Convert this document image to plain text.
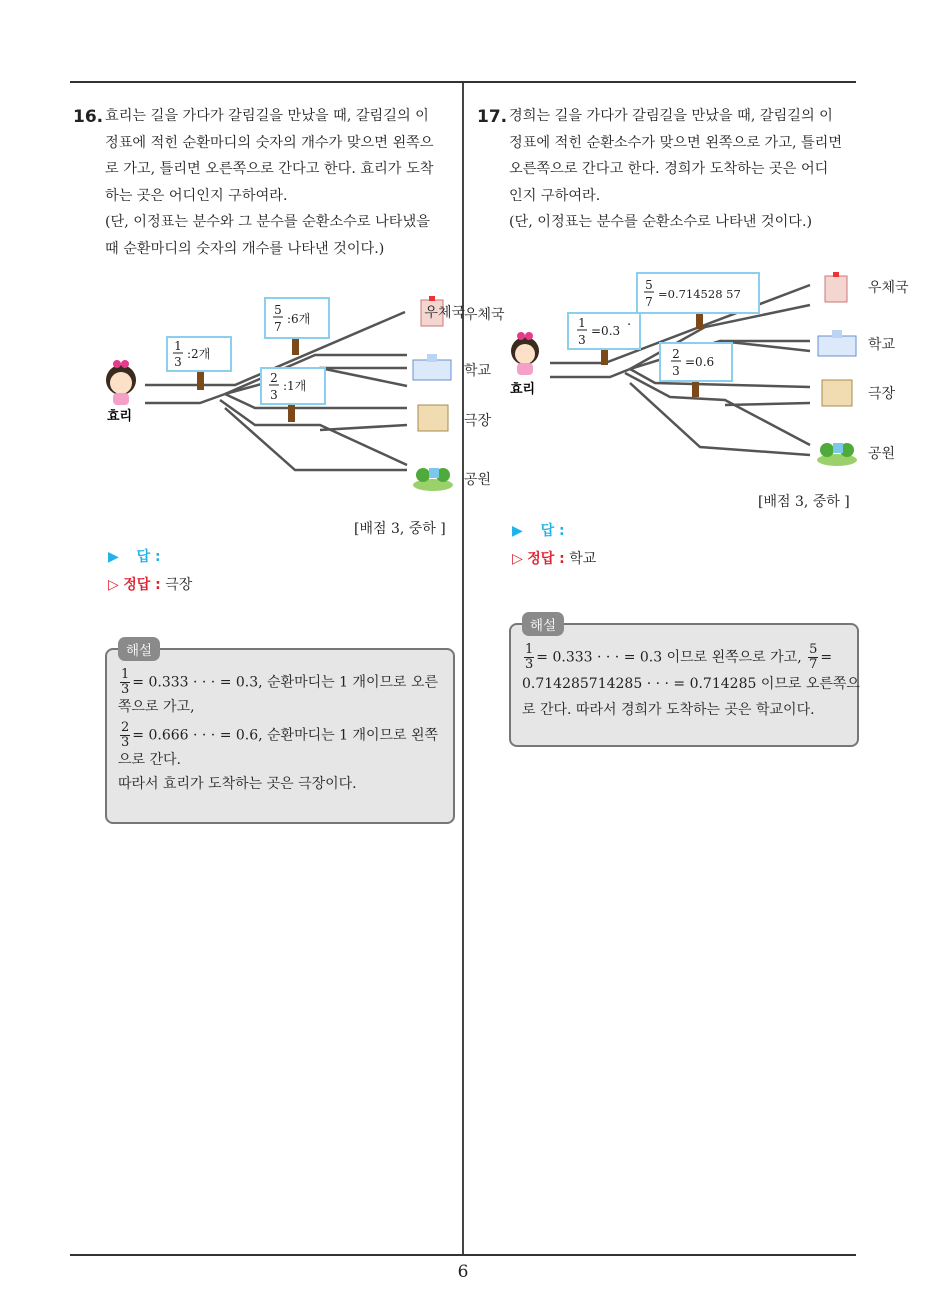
6
16. 효리는 길을 가다가 갈림길을 만났을 때, 갈림길의 이
정표에 적힌 순환마디의 숫자의 개수가 맞으면 왼쪽으
로 가고, 틀리면 오른쪽으로 간다고 한다. 효리가 도착
하는 곳은 어디인지 구하여라.
(단, 이정표는 분수와 그 분수를 순환소수로 나타냈을
때 순환마디의 숫자의 개수를 나타낸 것이다.)
1
3
:2개
5
7
:6개
2
3
:1개
효리
우체국 우체국
학교
극장
공원
[배점 3, 중하 ]
▶ 답 :
▷ 정답 : 극장
해설
$\frac{1}{3} = 0.333$ · · · = 0.3, 순환마디는 1 개이므로 오른
쪽으로 가고,
$\frac{2}{3} = 0.666$ · · · = 0.6, 순환마디는 1 개이므로 왼쪽
으로 간다.
따라서 효리가 도착하는 곳은 극장이다.
17. 경희는 길을 가다가 갈림길을 만났을 때, 갈림길의 이
정표에 적힌 순환소수가 맞으면 왼쪽으로 가고, 틀리면
오른쪽으로 간다고 한다. 경희가 도착하는 곳은 어디
인지 구하여라.
(단, 이정표는 분수를 순환소수로 나타낸 것이다.)
1
3
=0.3
.
5
7
=0.714528 57
2
3
=0.6
효리
우체국
학교
극장
공원
[배점 3, 중하 ]
▶ 답 :
▷ 정답 : 학교
해설
$\frac{1}{3} = 0.333$ · · · = 0.3 이므로 왼쪽으로 가고, $\frac{5}{7}$ =
0.714285714285 · · · = 0.714285 이므로 오른쪽으
로 간다. 따라서 경희가 도착하는 곳은 학교이다.
